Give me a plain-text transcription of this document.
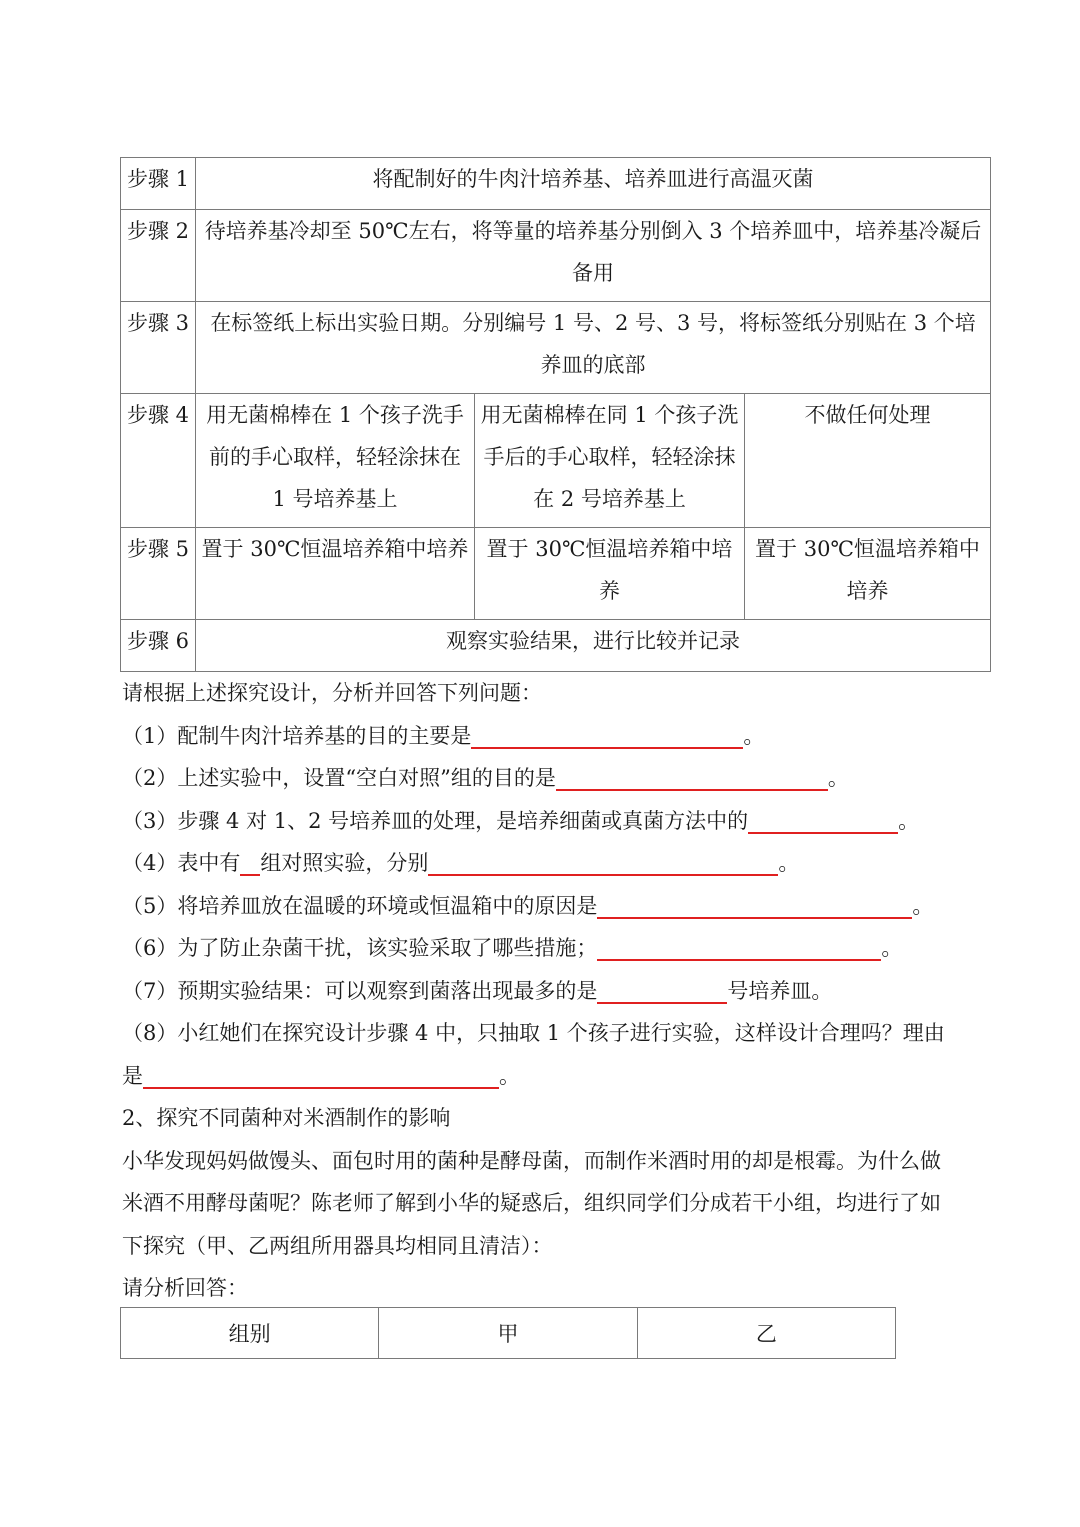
步骤 1	将配制好的牛肉汁培养基、培养皿进行高温灭菌		
步骤 2	待培养基冷却至 50℃左右，将等量的培养基分别倒入 3 个培养皿中，培养基冷凝后备用		
步骤 3	在标签纸上标出实验日期。分别编号 1 号、2 号、3 号，将标签纸分别贴在 3 个培养皿的底部		
步骤 4	用无菌棉棒在 1 个孩子洗手前的手心取样，轻轻涂抹在 1 号培养基上	用无菌棉棒在同 1 个孩子洗手后的手心取样，轻轻涂抹在 2 号培养基上	不做任何处理
步骤 5	置于 30℃恒温培养箱中培养	置于 30℃恒温培养箱中培养	置于 30℃恒温培养箱中培养
步骤 6	观察实验结果，进行比较并记录		
请根据上述探究设计，分析并回答下列问题：
（1）配制牛肉汁培养基的目的主要是	。
（2）上述实验中，设置“空白对照”组的目的是	。
（3）步骤 4 对 1、2 号培养皿的处理，是培养细菌或真菌方法中的	。
（4）表中有 组对照实验，分别	。
（5）将培养皿放在温暖的环境或恒温箱中的原因是	。
（6）为了防止杂菌干扰，该实验采取了哪些措施；	。
（7）预期实验结果：可以观察到菌落出现最多的是	号培养皿。
（8）小红她们在探究设计步骤 4 中，只抽取 1 个孩子进行实验，这样设计合理吗？理由
是	。
2、探究不同菌种对米酒制作的影响
小华发现妈妈做馒头、面包时用的菌种是酵母菌，而制作米酒时用的却是根霉。为什么做
米酒不用酵母菌呢？陈老师了解到小华的疑惑后，组织同学们分成若干小组，均进行了如
下探究（甲、乙两组所用器具均相同且清洁）：
请分析回答：
组别	甲	乙
